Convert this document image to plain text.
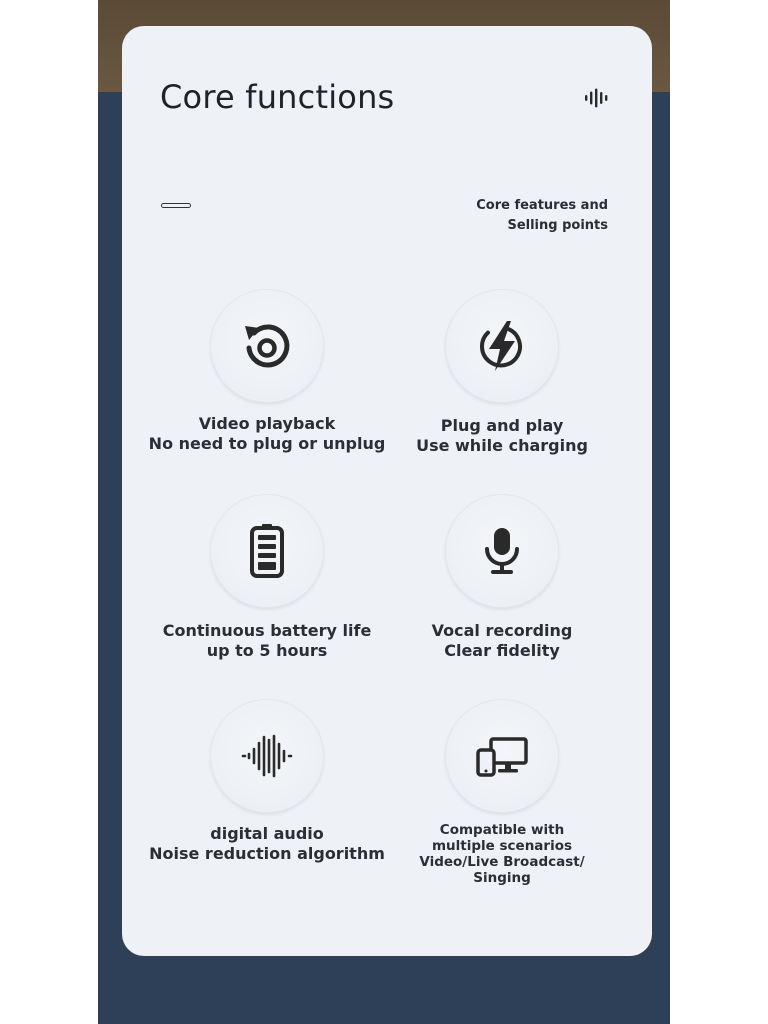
Core functions
Core features and
Selling points
Video playback
No need to plug or unplug
Plug and play
Use while charging
Continuous battery life
up to 5 hours
Vocal recording
Clear fidelity
digital audio
Noise reduction algorithm
Compatible with
multiple scenarios
Video/Live Broadcast/
Singing
